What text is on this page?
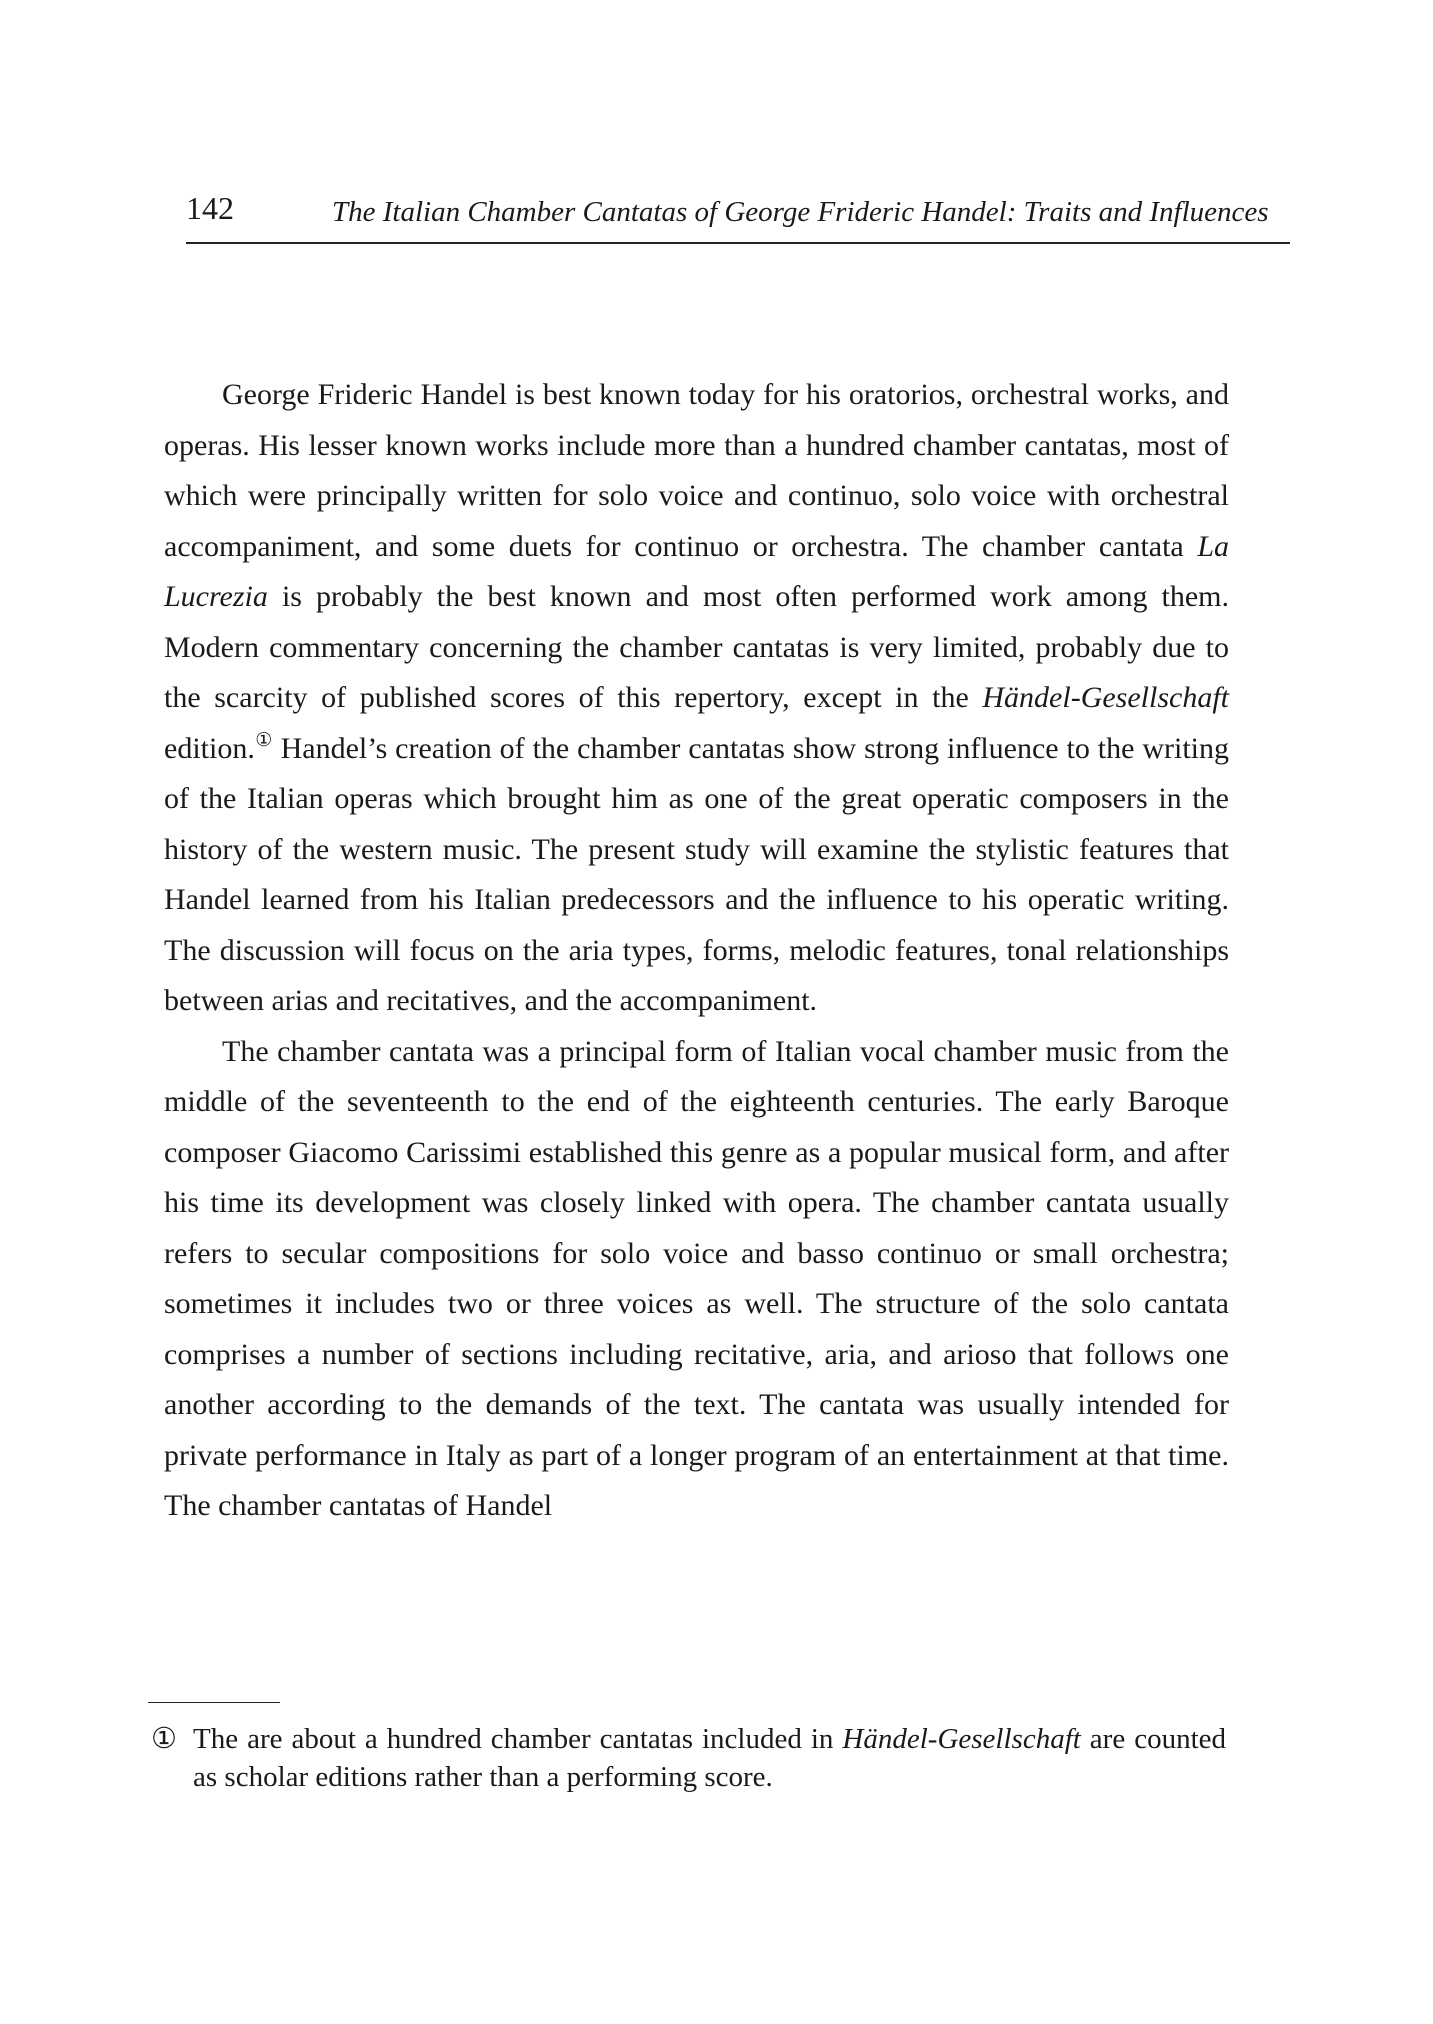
142	The Italian Chamber Cantatas of George Frideric Handel: Traits and Influences

George Frideric Handel is best known today for his oratorios, orchestral works, and operas. His lesser known works include more than a hundred chamber cantatas, most of which were principally written for solo voice and continuo, solo voice with orchestral accompaniment, and some duets for continuo or orchestra. The chamber cantata La Lucrezia is probably the best known and most often performed work among them. Modern commentary concerning the chamber cantatas is very limited, probably due to the scarcity of published scores of this repertory, except in the Händel-Gesellschaft edition.① Handel’s creation of the chamber cantatas show strong influence to the writing of the Italian operas which brought him as one of the great operatic composers in the history of the western music. The present study will examine the stylistic features that Handel learned from his Italian predecessors and the influence to his operatic writing. The discussion will focus on the aria types, forms, melodic features, tonal relationships between arias and recitatives, and the accompaniment.

The chamber cantata was a principal form of Italian vocal chamber music from the middle of the seventeenth to the end of the eighteenth centuries. The early Baroque composer Giacomo Carissimi established this genre as a popular musical form, and after his time its development was closely linked with opera. The chamber cantata usually refers to secular compositions for solo voice and basso continuo or small orchestra; sometimes it includes two or three voices as well. The structure of the solo cantata comprises a number of sections including recitative, aria, and arioso that follows one another according to the demands of the text. The cantata was usually intended for private performance in Italy as part of a longer program of an entertainment at that time. The chamber cantatas of Handel

① The are about a hundred chamber cantatas included in Händel-Gesellschaft are counted as scholar editions rather than a performing score.
